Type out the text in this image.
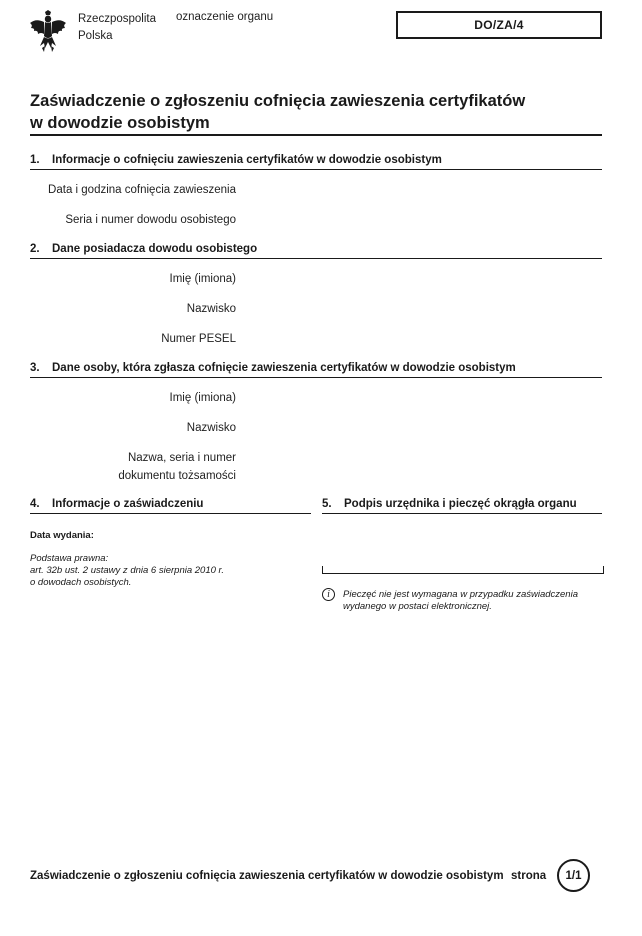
Rzeczpospolita
Polska
oznaczenie organu
DO/ZA/4
Zaświadczenie o zgłoszeniu cofnięcia zawieszenia certyfikatów
w dowodzie osobistym
1. Informacje o cofnięciu zawieszenia certyfikatów w dowodzie osobistym
Data i godzina cofnięcia zawieszenia
Seria i numer dowodu osobistego
2. Dane posiadacza dowodu osobistego
Imię (imiona)
Nazwisko
Numer PESEL
3. Dane osoby, która zgłasza cofnięcie zawieszenia certyfikatów w dowodzie osobistym
Imię (imiona)
Nazwisko
Nazwa, seria i numer
dokumentu tożsamości
4. Informacje o zaświadczeniu
Data wydania:
Podstawa prawna:
art. 32b ust. 2 ustawy z dnia 6 sierpnia 2010 r.
o dowodach osobistych.
5. Podpis urzędnika i pieczęć okrągła organu
i	Pieczęć nie jest wymagana w przypadku zaświadczenia
wydanego w postaci elektronicznej.
Zaświadczenie o zgłoszeniu cofnięcia zawieszenia certyfikatów w dowodzie osobistym strona 1/1
